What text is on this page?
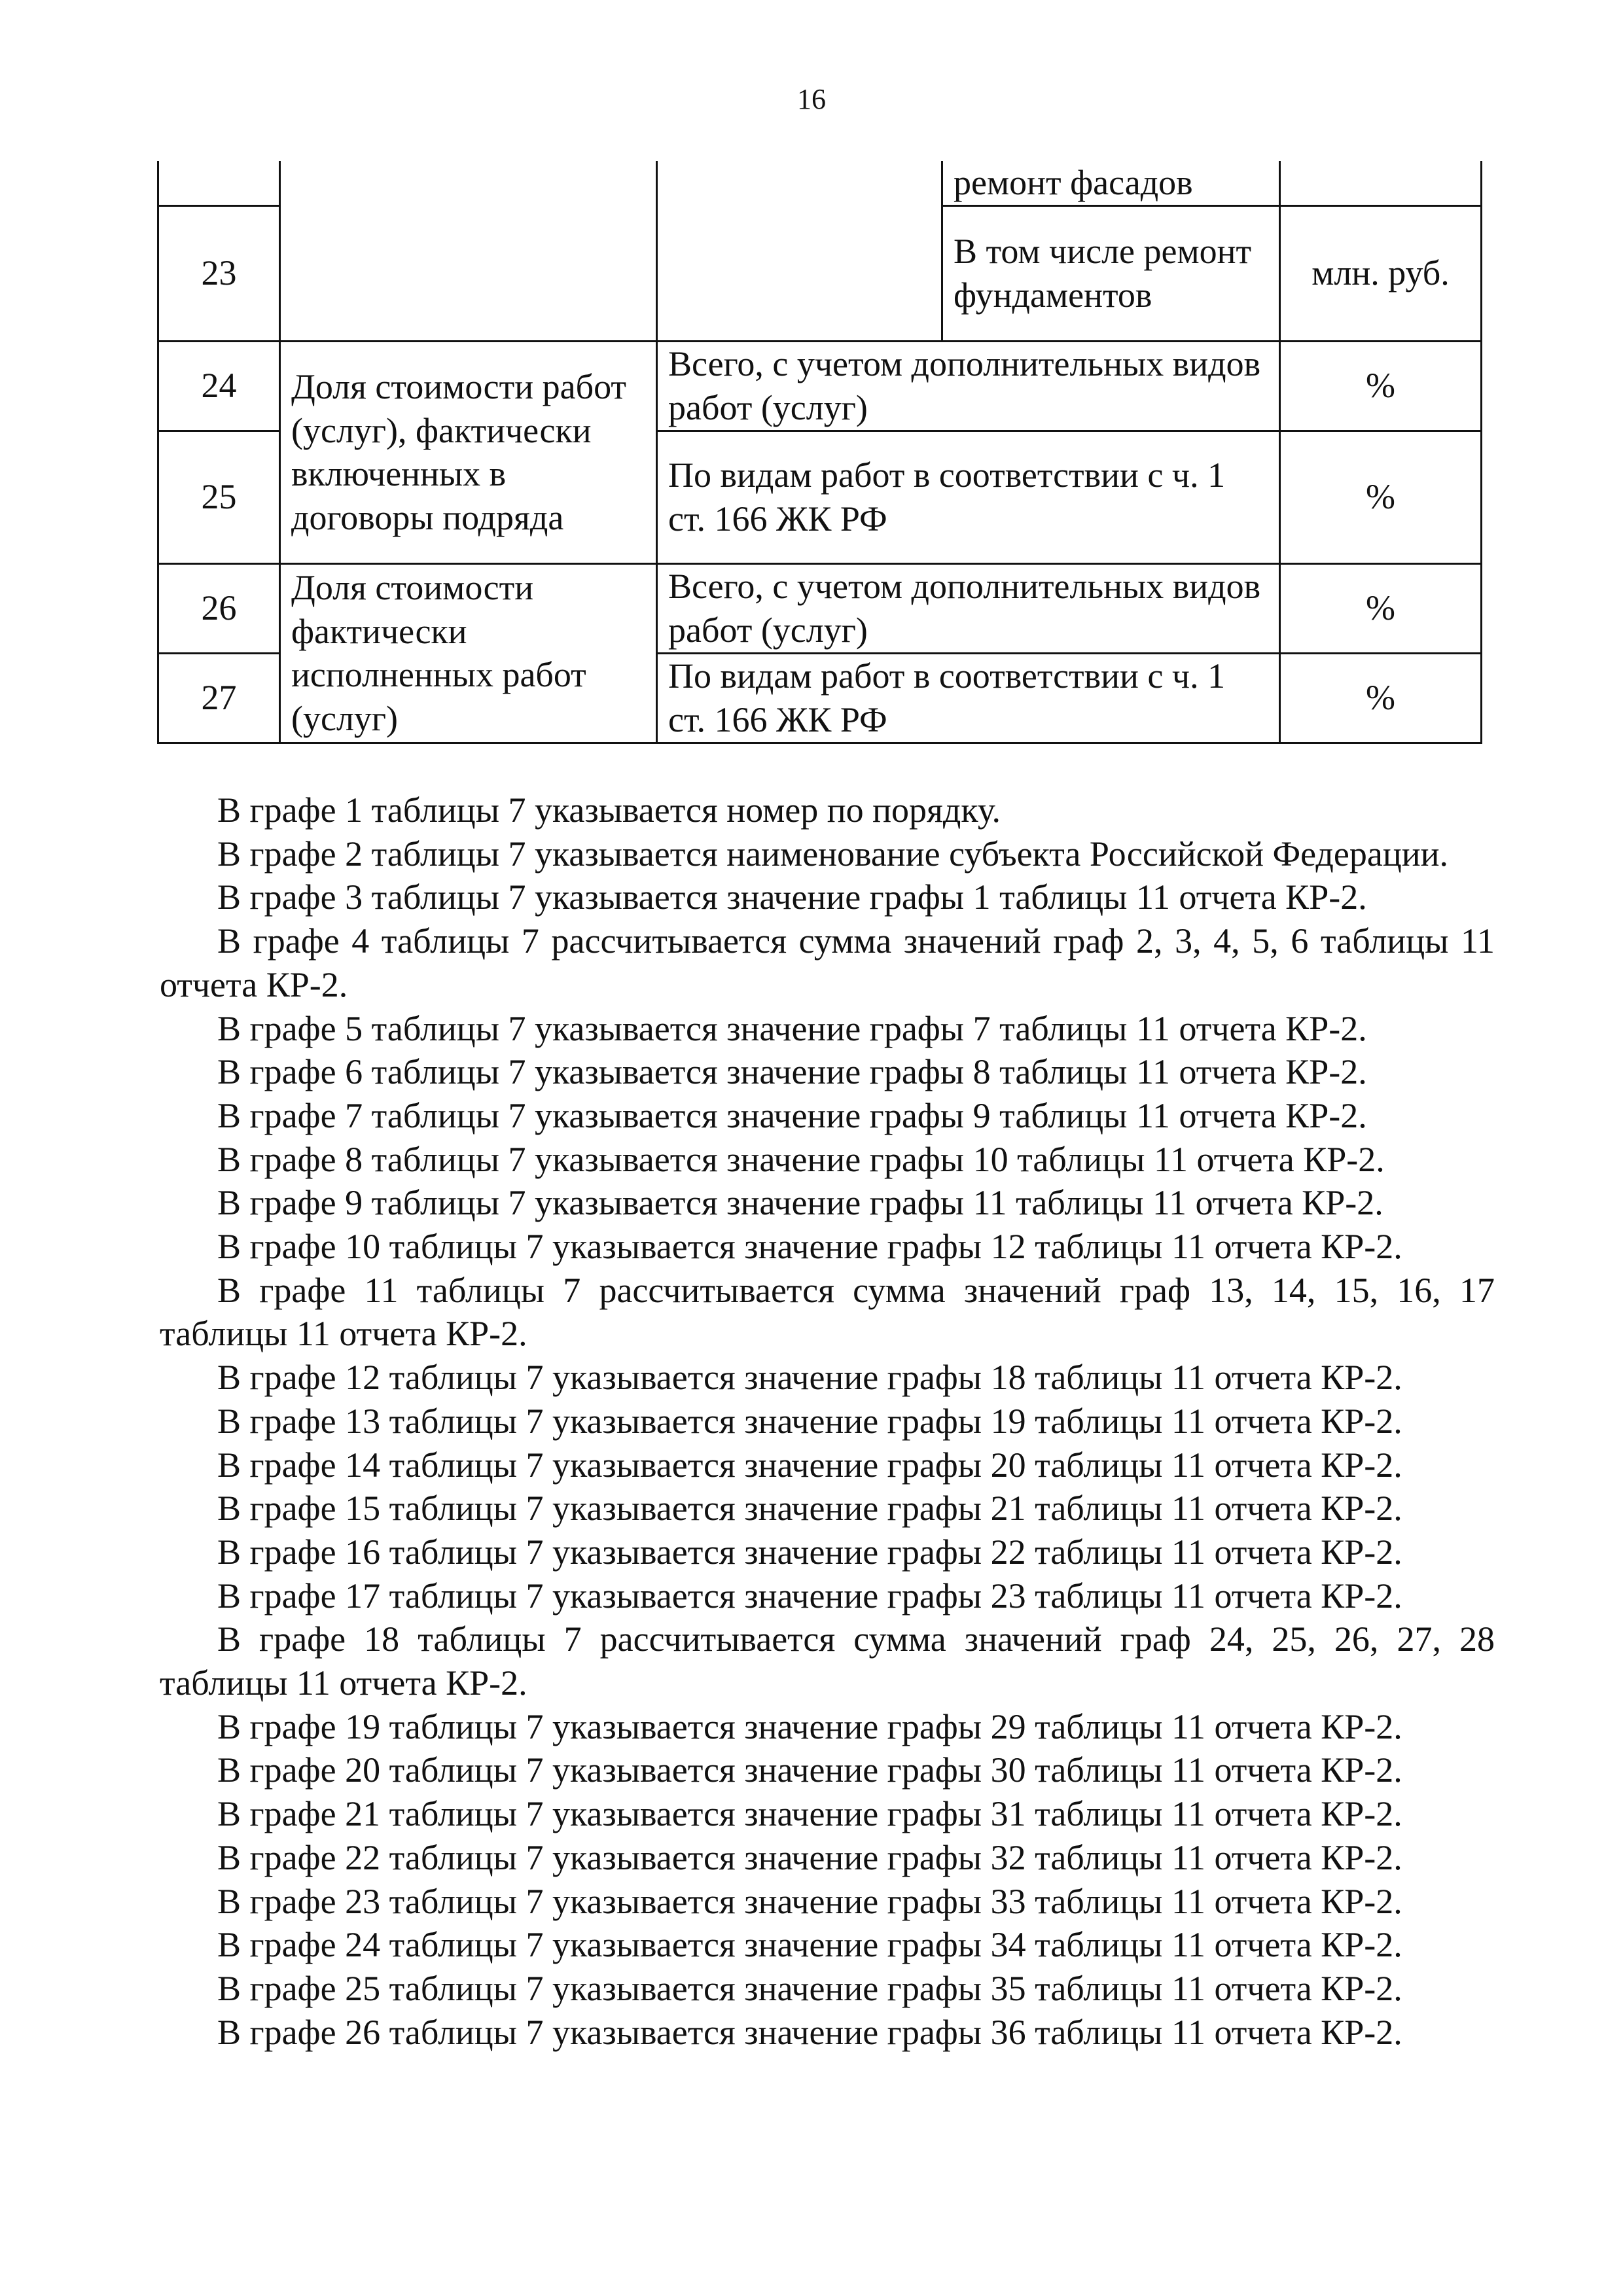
16
			ремонт фасадов	
23			В том числе ремонт фундаментов	млн. руб.
24	Доля стоимости работ (услуг), фактически включенных в договоры подряда	Всего, с учетом дополнительных видов работ (услуг)		%
25		По видам работ в соответствии с ч. 1 ст. 166 ЖК РФ		%
26	Доля стоимости фактически исполненных работ (услуг)	Всего, с учетом дополнительных видов работ (услуг)		%
27		По видам работ в соответствии с ч. 1 ст. 166 ЖК РФ		%

В графе 1 таблицы 7 указывается номер по порядку.

В графе 2 таблицы 7 указывается наименование субъекта Российской Федерации.

В графе 3 таблицы 7 указывается значение графы 1 таблицы 11 отчета КР-2.

В графе 4 таблицы 7 рассчитывается сумма значений граф 2, 3, 4, 5, 6 таблицы 11 отчета КР-2.

В графе 5 таблицы 7 указывается значение графы 7 таблицы 11 отчета КР-2.

В графе 6 таблицы 7 указывается значение графы 8 таблицы 11 отчета КР-2.

В графе 7 таблицы 7 указывается значение графы 9 таблицы 11 отчета КР-2.

В графе 8 таблицы 7 указывается значение графы 10 таблицы 11 отчета КР-2.

В графе 9 таблицы 7 указывается значение графы 11 таблицы 11 отчета КР-2.

В графе 10 таблицы 7 указывается значение графы 12 таблицы 11 отчета КР-2.

В графе 11 таблицы 7 рассчитывается сумма значений граф 13, 14, 15, 16, 17 таблицы 11 отчета КР-2.

В графе 12 таблицы 7 указывается значение графы 18 таблицы 11 отчета КР-2.

В графе 13 таблицы 7 указывается значение графы 19 таблицы 11 отчета КР-2.

В графе 14 таблицы 7 указывается значение графы 20 таблицы 11 отчета КР-2.

В графе 15 таблицы 7 указывается значение графы 21 таблицы 11 отчета КР-2.

В графе 16 таблицы 7 указывается значение графы 22 таблицы 11 отчета КР-2.

В графе 17 таблицы 7 указывается значение графы 23 таблицы 11 отчета КР-2.

В графе 18 таблицы 7 рассчитывается сумма значений граф 24, 25, 26, 27, 28 таблицы 11 отчета КР-2.

В графе 19 таблицы 7 указывается значение графы 29 таблицы 11 отчета КР-2.

В графе 20 таблицы 7 указывается значение графы 30 таблицы 11 отчета КР-2.

В графе 21 таблицы 7 указывается значение графы 31 таблицы 11 отчета КР-2.

В графе 22 таблицы 7 указывается значение графы 32 таблицы 11 отчета КР-2.

В графе 23 таблицы 7 указывается значение графы 33 таблицы 11 отчета КР-2.

В графе 24 таблицы 7 указывается значение графы 34 таблицы 11 отчета КР-2.

В графе 25 таблицы 7 указывается значение графы 35 таблицы 11 отчета КР-2.

В графе 26 таблицы 7 указывается значение графы 36 таблицы 11 отчета КР-2.
